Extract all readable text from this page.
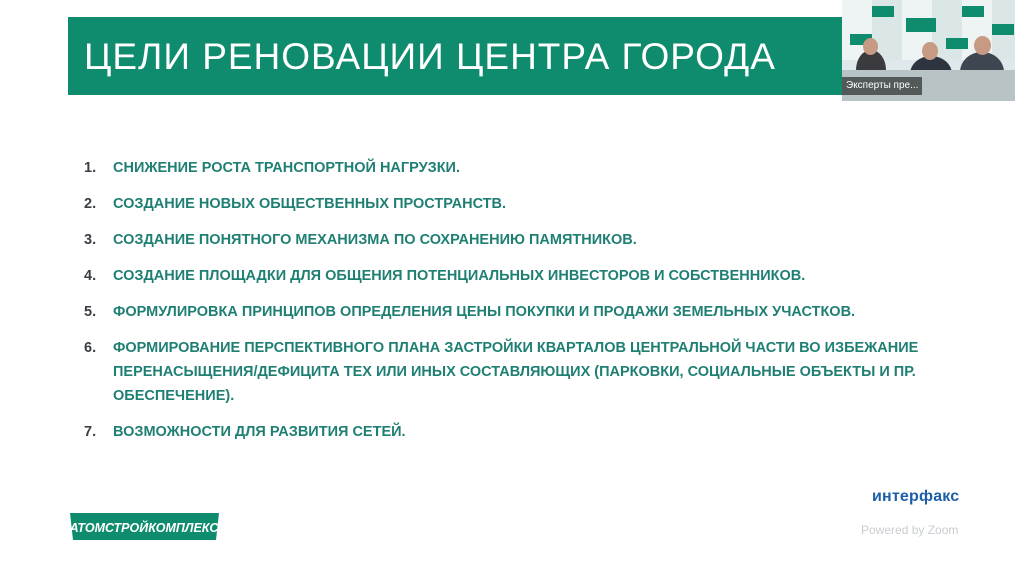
ЦЕЛИ РЕНОВАЦИИ ЦЕНТРА ГОРОДА
1.	СНИЖЕНИЕ РОСТА ТРАНСПОРТНОЙ НАГРУЗКИ.
2.	СОЗДАНИЕ НОВЫХ ОБЩЕСТВЕННЫХ ПРОСТРАНСТВ.
3.	СОЗДАНИЕ ПОНЯТНОГО МЕХАНИЗМА ПО СОХРАНЕНИЮ ПАМЯТНИКОВ.
4.	СОЗДАНИЕ ПЛОЩАДКИ ДЛЯ ОБЩЕНИЯ ПОТЕНЦИАЛЬНЫХ ИНВЕСТОРОВ И СОБСТВЕННИКОВ.
5.	ФОРМУЛИРОВКА ПРИНЦИПОВ ОПРЕДЕЛЕНИЯ ЦЕНЫ ПОКУПКИ И ПРОДАЖИ ЗЕМЕЛЬНЫХ УЧАСТКОВ.
6.	ФОРМИРОВАНИЕ ПЕРСПЕКТИВНОГО ПЛАНА ЗАСТРОЙКИ КВАРТАЛОВ ЦЕНТРАЛЬНОЙ ЧАСТИ ВО ИЗБЕЖАНИЕ ПЕРЕНАСЫЩЕНИЯ/ДЕФИЦИТА ТЕХ ИЛИ ИНЫХ СОСТАВЛЯЮЩИХ (ПАРКОВКИ, СОЦИАЛЬНЫЕ ОБЪЕКТЫ И ПР. ОБЕСПЕЧЕНИЕ).
7.	ВОЗМОЖНОСТИ ДЛЯ РАЗВИТИЯ СЕТЕЙ.
Эксперты пре...
АТОМСТРОЙКОМПЛЕКС
интерфакс
Powered by Zoom
